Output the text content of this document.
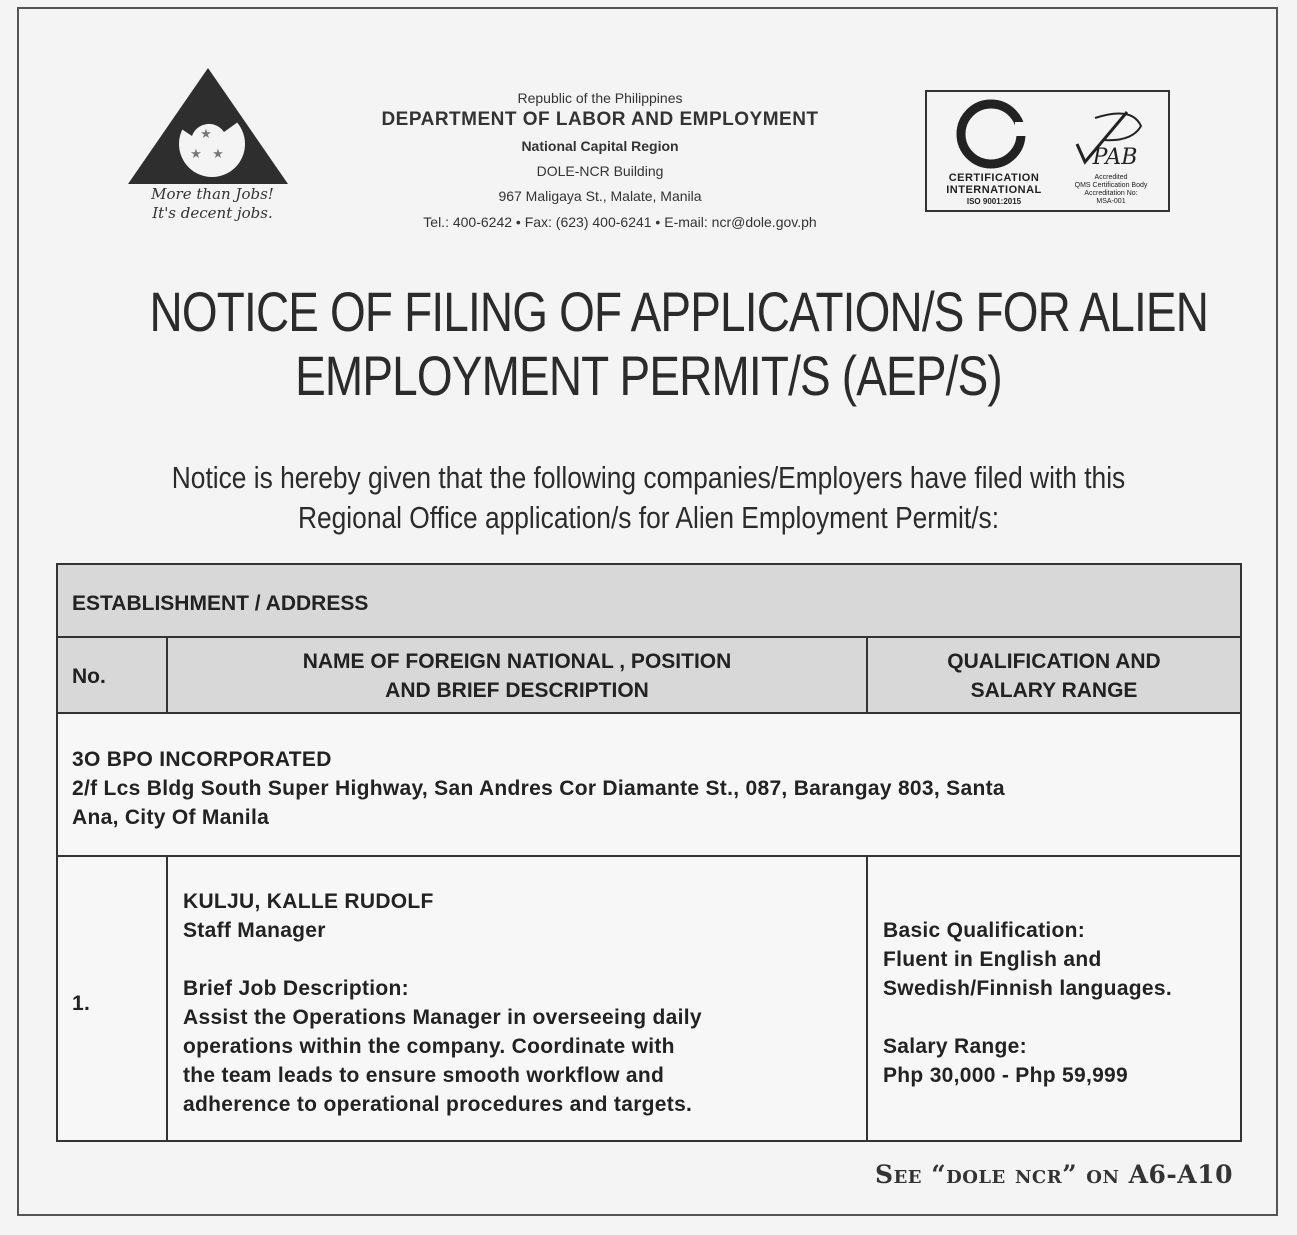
★
★ ★
More than Jobs!
It's decent jobs.
Republic of the Philippines
DEPARTMENT OF LABOR AND EMPLOYMENT
National Capital Region
DOLE-NCR Building
967 Maligaya St., Malate, Manila
Tel.: 400-6242 • Fax: (623) 400-6241 • E-mail: ncr@dole.gov.ph
PAB
CERTIFICATION
INTERNATIONAL
ISO 9001:2015
Accredited
QMS Certification Body
Accreditation No:
MSA-001
NOTICE OF FILING OF APPLICATION/S FOR ALIEN
EMPLOYMENT PERMIT/S (AEP/S)
Notice is hereby given that the following companies/Employers have filed with this
Regional Office application/s for Alien Employment Permit/s:
ESTABLISHMENT / ADDRESS
No.
NAME OF FOREIGN NATIONAL , POSITION
AND BRIEF DESCRIPTION
QUALIFICATION AND
SALARY RANGE
3O BPO INCORPORATED
2/f Lcs Bldg South Super Highway, San Andres Cor Diamante St., 087, Barangay 803, Santa
Ana, City Of Manila
1.
KULJU, KALLE RUDOLF
Staff Manager
Brief Job Description:
Assist the Operations Manager in overseeing daily
operations within the company. Coordinate with
the team leads to ensure smooth workflow and
adherence to operational procedures and targets.
Basic Qualification:
Fluent in English and
Swedish/Finnish languages.
Salary Range:
Php 30,000 - Php 59,999
See “dole ncr” on A6-A10
